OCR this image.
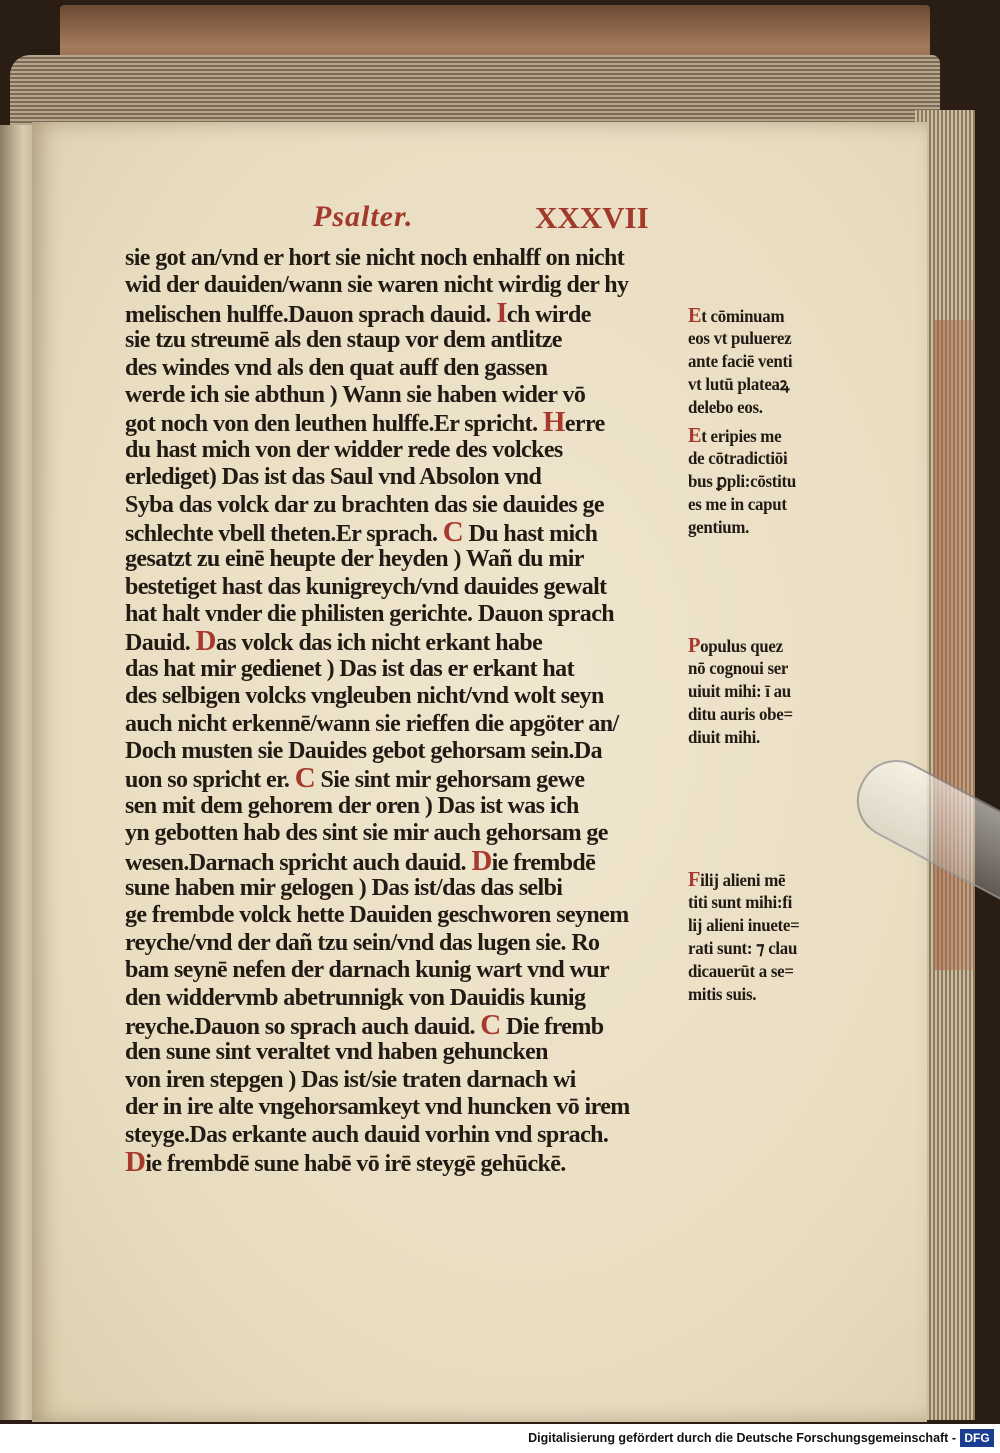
Psalter.	XXXVII
sie got an/vnd er hort sie nicht noch enhalff on nicht
wid der dauiden/wann sie waren nicht wirdig der hy
melischen hulffe.Dauon sprach dauid. Ich wirde
sie tzu streumē als den staup vor dem antlitze
des windes vnd als den quat auff den gassen
werde ich sie abthun ) Wann sie haben wider vō
got noch von den leuthen hulffe.Er spricht. Herre
du hast mich von der widder rede des volckes
erlediget) Das ist das Saul vnd Absolon vnd
Syba das volck dar zu brachten das sie dauides ge
schlechte vbell theten.Er sprach. C Du hast mich
gesatzt zu einē heupte der heyden ) Wañ du mir
bestetiget hast das kunigreych/vnd dauides gewalt
hat halt vnder die philisten gerichte. Dauon sprach
Dauid. Das volck das ich nicht erkant habe
das hat mir gedienet ) Das ist das er erkant hat
des selbigen volcks vngleuben nicht/vnd wolt seyn
auch nicht erkennē/wann sie rieffen die apgöter an/
Doch musten sie Dauides gebot gehorsam sein.Da
uon so spricht er. C Sie sint mir gehorsam gewe
sen mit dem gehorem der oren ) Das ist was ich
yn gebotten hab des sint sie mir auch gehorsam ge
wesen.Darnach spricht auch dauid. Die frembdē
sune haben mir gelogen ) Das ist/das das selbi
ge frembde volck hette Dauiden geschworen seynem
reyche/vnd der dañ tzu sein/vnd das lugen sie. Ro
bam seynē nefen der darnach kunig wart vnd wur
den widdervmb abetrunnigk von Dauidis kunig
reyche.Dauon so sprach auch dauid. C Die fremb
den sune sint veraltet vnd haben gehuncken
von iren stepgen ) Das ist/sie traten darnach wi
der in ire alte vngehorsamkeyt vnd huncken vō irem
steyge.Das erkante auch dauid vorhin vnd sprach.
Die frembdē sune habē vō irē steygē gehūckē.
Et cōminuam
eos vt puluerez
ante faciē venti
vt lutū plateaꝝ
delebo eos.
Et eripies me
de cōtradictiōi
bus ꝑpli:cōstitu
es me in caput
gentium.
Populus quez
nō cognoui ser
uiuit mihi: ī au
ditu auris obe=
diuit mihi.
Filij alieni mē
titi sunt mihi:fi
lij alieni inuete=
rati sunt: ⁊ clau
dicauerūt a se=
mitis suis.
Digitalisierung gefördert durch die Deutsche Forschungsgemeinschaft - DFG
